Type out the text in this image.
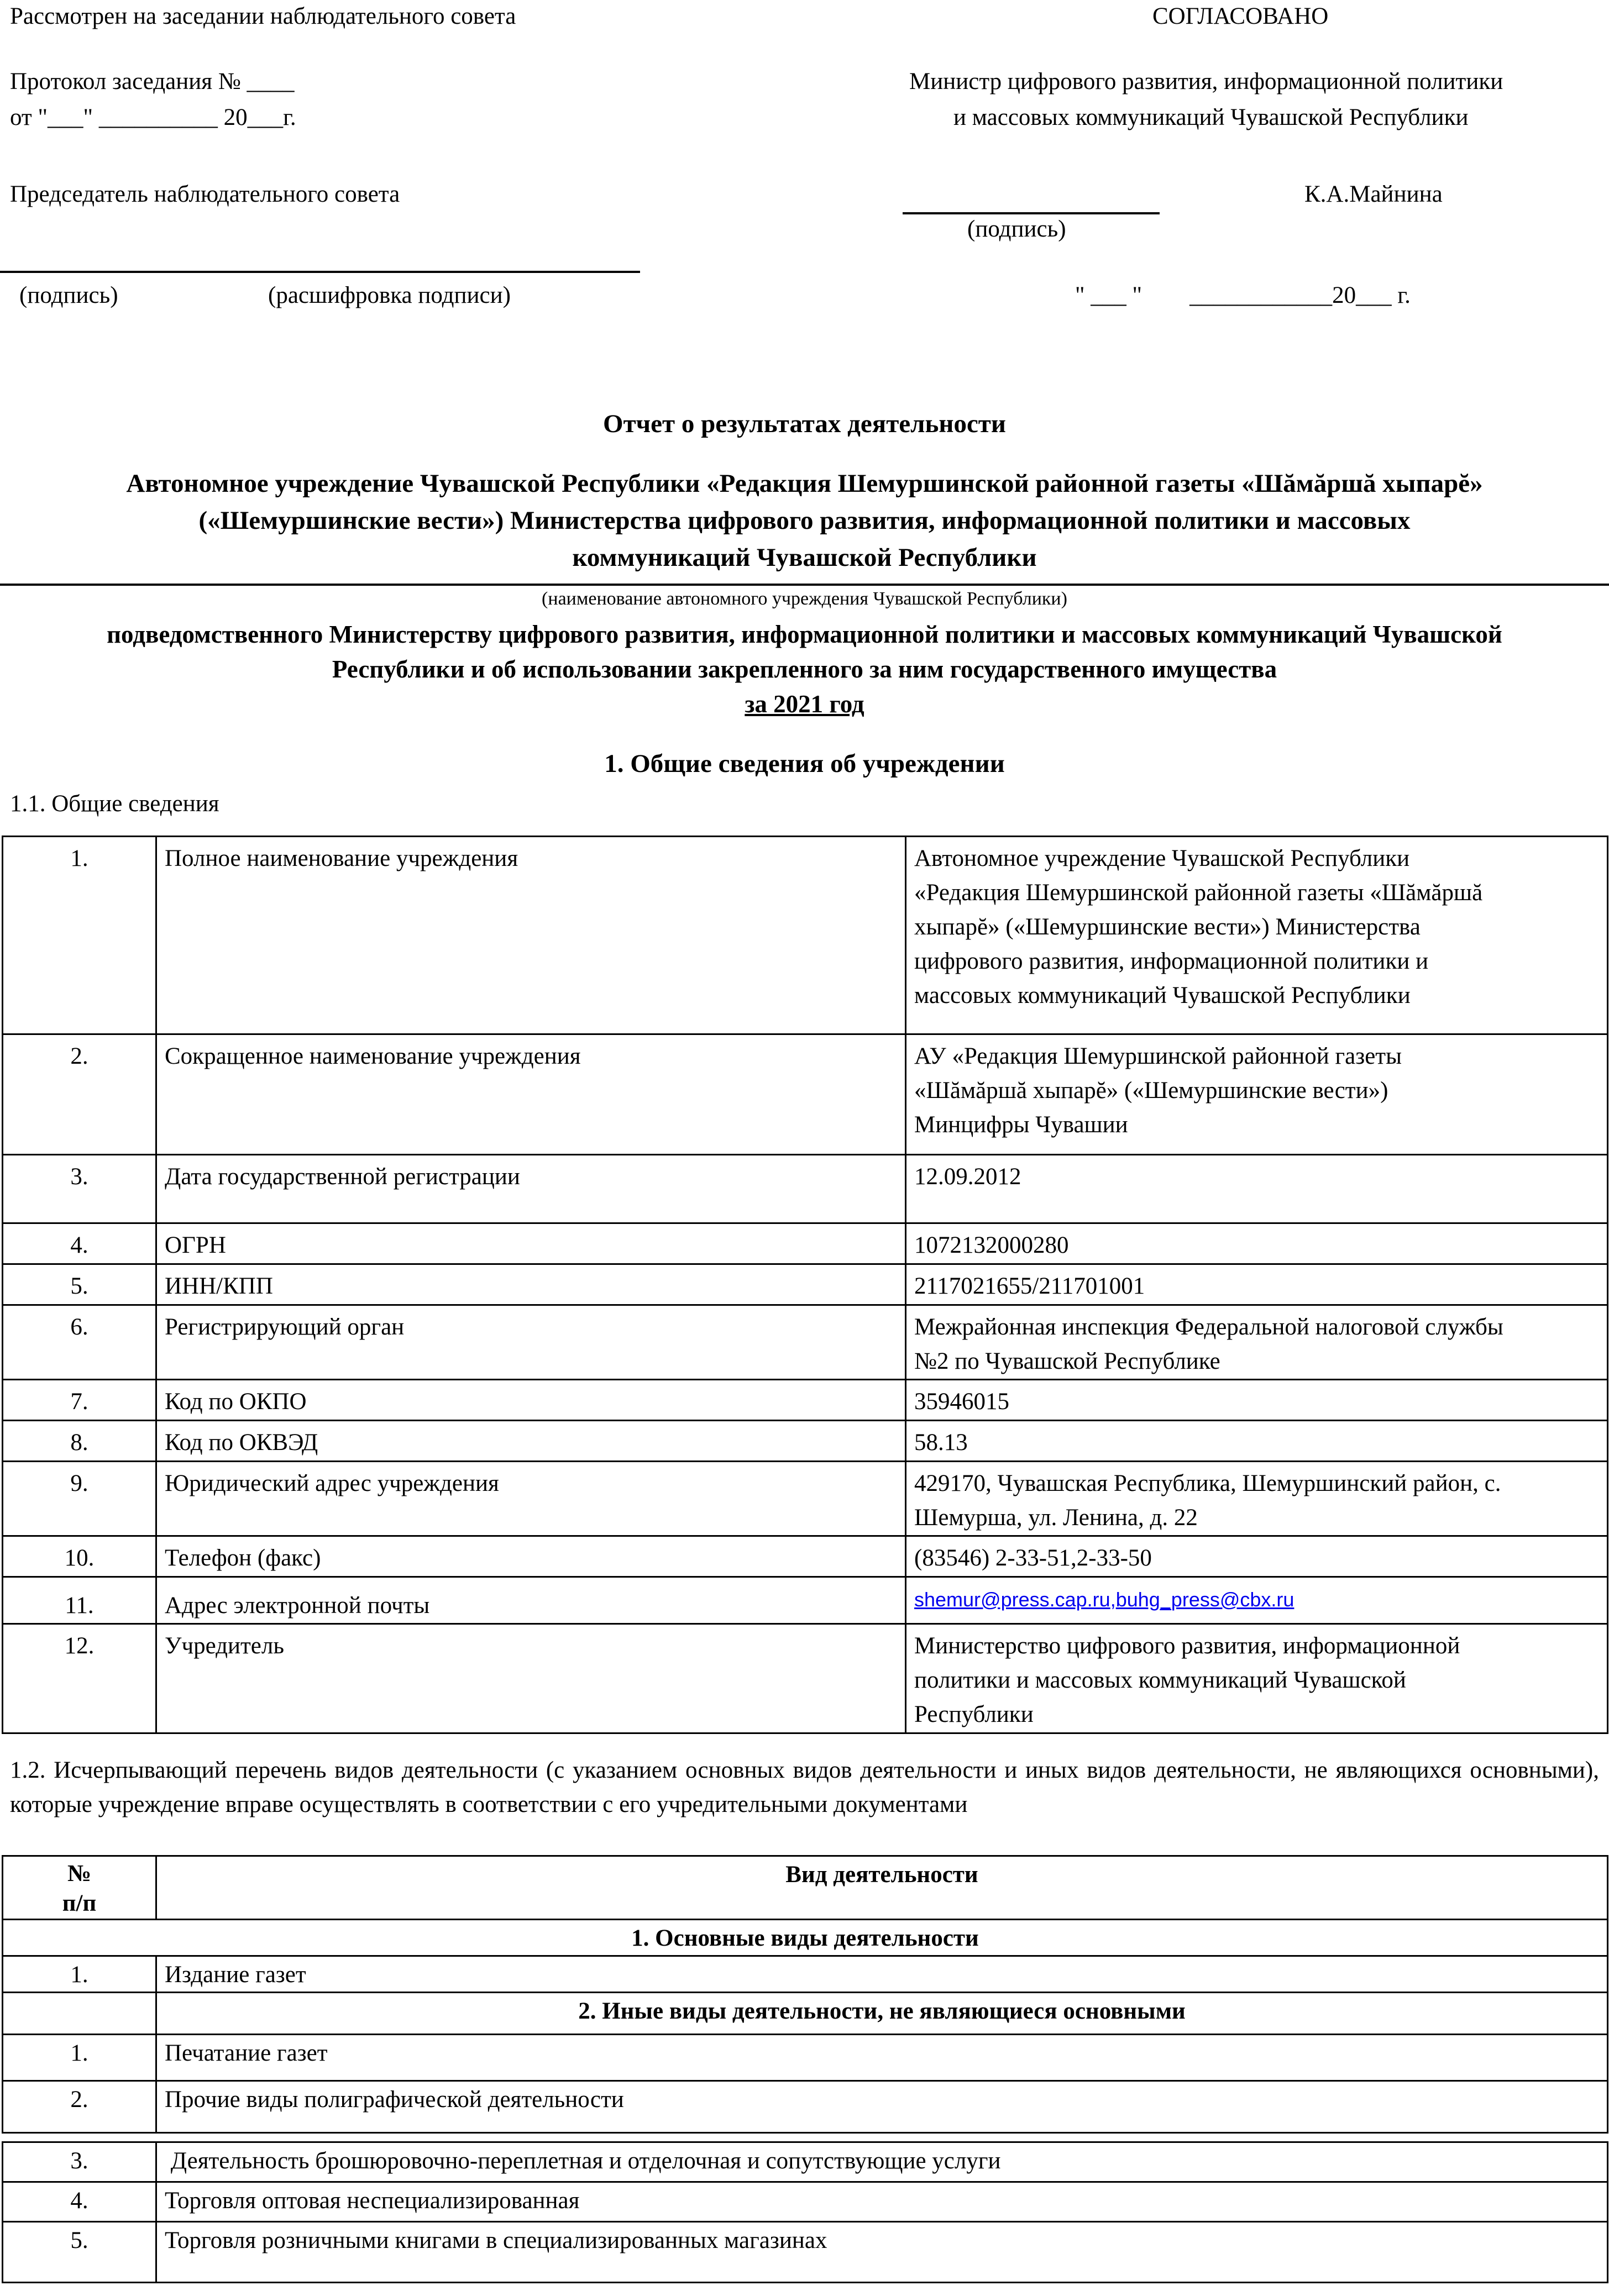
Рассмотрен на заседании наблюдательного совета
Протокол заседания № ____
от "___" __________ 20___г.
Председатель наблюдательного совета
(подпись)	(расшифровка подписи)
СОГЛАСОВАНО
Министр цифрового развития, информационной политики
и массовых коммуникаций Чувашской Республики
К.А.Майнина
(подпись)
" ___ "        ____________20___ г.
Отчет о результатах деятельности
Автономное учреждение Чувашской Республики «Редакция Шемуршинской районной газеты «Шăмăршă хыпарĕ»
(«Шемуршинские вести») Министерства цифрового развития, информационной политики и массовых
коммуникаций Чувашской Республики
(наименование автономного учреждения Чувашской Республики)
подведомственного Министерству цифрового развития, информационной политики и массовых коммуникаций Чувашской
Республики и об использовании закрепленного за ним государственного имущества
за 2021 год
1. Общие сведения об учреждении
1.1. Общие сведения
1.	Полное наименование учреждения	Автономное учреждение Чувашской Республики
«Редакция Шемуршинской районной газеты «Шăмăршă
хыпарĕ» («Шемуршинские вести») Министерства
цифрового развития, информационной политики и
массовых коммуникаций Чувашской Республики

2.	Сокращенное наименование учреждения	АУ «Редакция Шемуршинской районной газеты
«Шăмăршă хыпарĕ» («Шемуршинские вести»)
Минцифры Чувашии

3.	Дата государственной регистрации	12.09.2012
4.	ОГРН	1072132000280
5.	ИНН/КПП	2117021655/211701001
6.	Регистрирующий орган	Межрайонная инспекция Федеральной налоговой службы
№2 по Чувашской Республике

7.	Код по ОКПО	35946015
8.	Код по ОКВЭД	58.13
9.	Юридический адрес учреждения	429170, Чувашская Республика, Шемуршинский район, с.
Шемурша, ул. Ленина, д. 22

10.	Телефон (факс)	(83546) 2-33-51,2-33-50
11.	Адрес электронной почты	shemur@press.cap.ru,buhg_press@cbx.ru
12.	Учредитель	Министерство цифрового развития, информационной
политики и массовых коммуникаций Чувашской
Республики
1.2. Исчерпывающий перечень видов деятельности (с указанием основных видов деятельности и иных видов деятельности, не являющихся основными), которые учреждение вправе осуществлять в соответствии с его учредительными документами
№
п/п	Вид деятельности
1. Основные виды деятельности	
1.	Издание газет
	2. Иные виды деятельности, не являющиеся основными
1.	Печатание газет
2.	Прочие виды полиграфической деятельности

3.	Деятельность брошюровочно-переплетная и отделочная и сопутствующие услуги
4.	Торговля оптовая неспециализированная
5.	Торговля розничными книгами в специализированных магазинах
